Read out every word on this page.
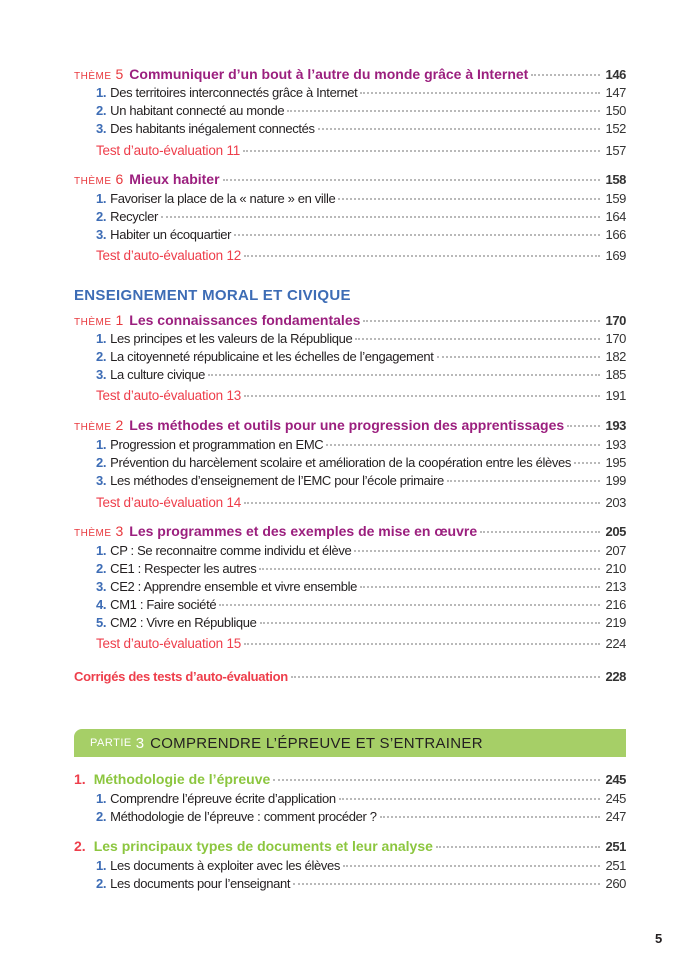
THÈME 5 Communiquer d’un bout à l’autre du monde grâce à Internet	146
1. Des territoires interconnectés grâce à Internet	147
2. Un habitant connecté au monde	150
3. Des habitants inégalement connectés	152
Test d’auto-évaluation 11	157
THÈME 6 Mieux habiter	158
1. Favoriser la place de la « nature » en ville	159
2. Recycler	164
3. Habiter un écoquartier	166
Test d’auto-évaluation 12	169
THÈME 1 Les connaissances fondamentales	170
1. Les principes et les valeurs de la République	170
2. La citoyenneté républicaine et les échelles de l’engagement	182
3. La culture civique	185
Test d’auto-évaluation 13	191
THÈME 2 Les méthodes et outils pour une progression des apprentissages	193
1. Progression et programmation en EMC	193
2. Prévention du harcèlement scolaire et amélioration de la coopération entre les élèves	195
3. Les méthodes d’enseignement de l’EMC pour l’école primaire	199
Test d’auto-évaluation 14	203
THÈME 3 Les programmes et des exemples de mise en œuvre	205
1. CP : Se reconnaitre comme individu et élève	207
2. CE1 : Respecter les autres	210
3. CE2 : Apprendre ensemble et vivre ensemble	213
4. CM1 : Faire société	216
5. CM2 : Vivre en République	219
Test d’auto-évaluation 15	224
Corrigés des tests d’auto-évaluation	228
1. Méthodologie de l’épreuve	245
1. Comprendre l’épreuve écrite d’application	245
2. Méthodologie de l’épreuve : comment procéder ?	247
2. Les principaux types de documents et leur analyse	251
1. Les documents à exploiter avec les élèves	251
2. Les documents pour l’enseignant	260
ENSEIGNEMENT MORAL ET CIVIQUE
PARTIE 3 COMPRENDRE L’ÉPREUVE ET S’ENTRAINER
5
